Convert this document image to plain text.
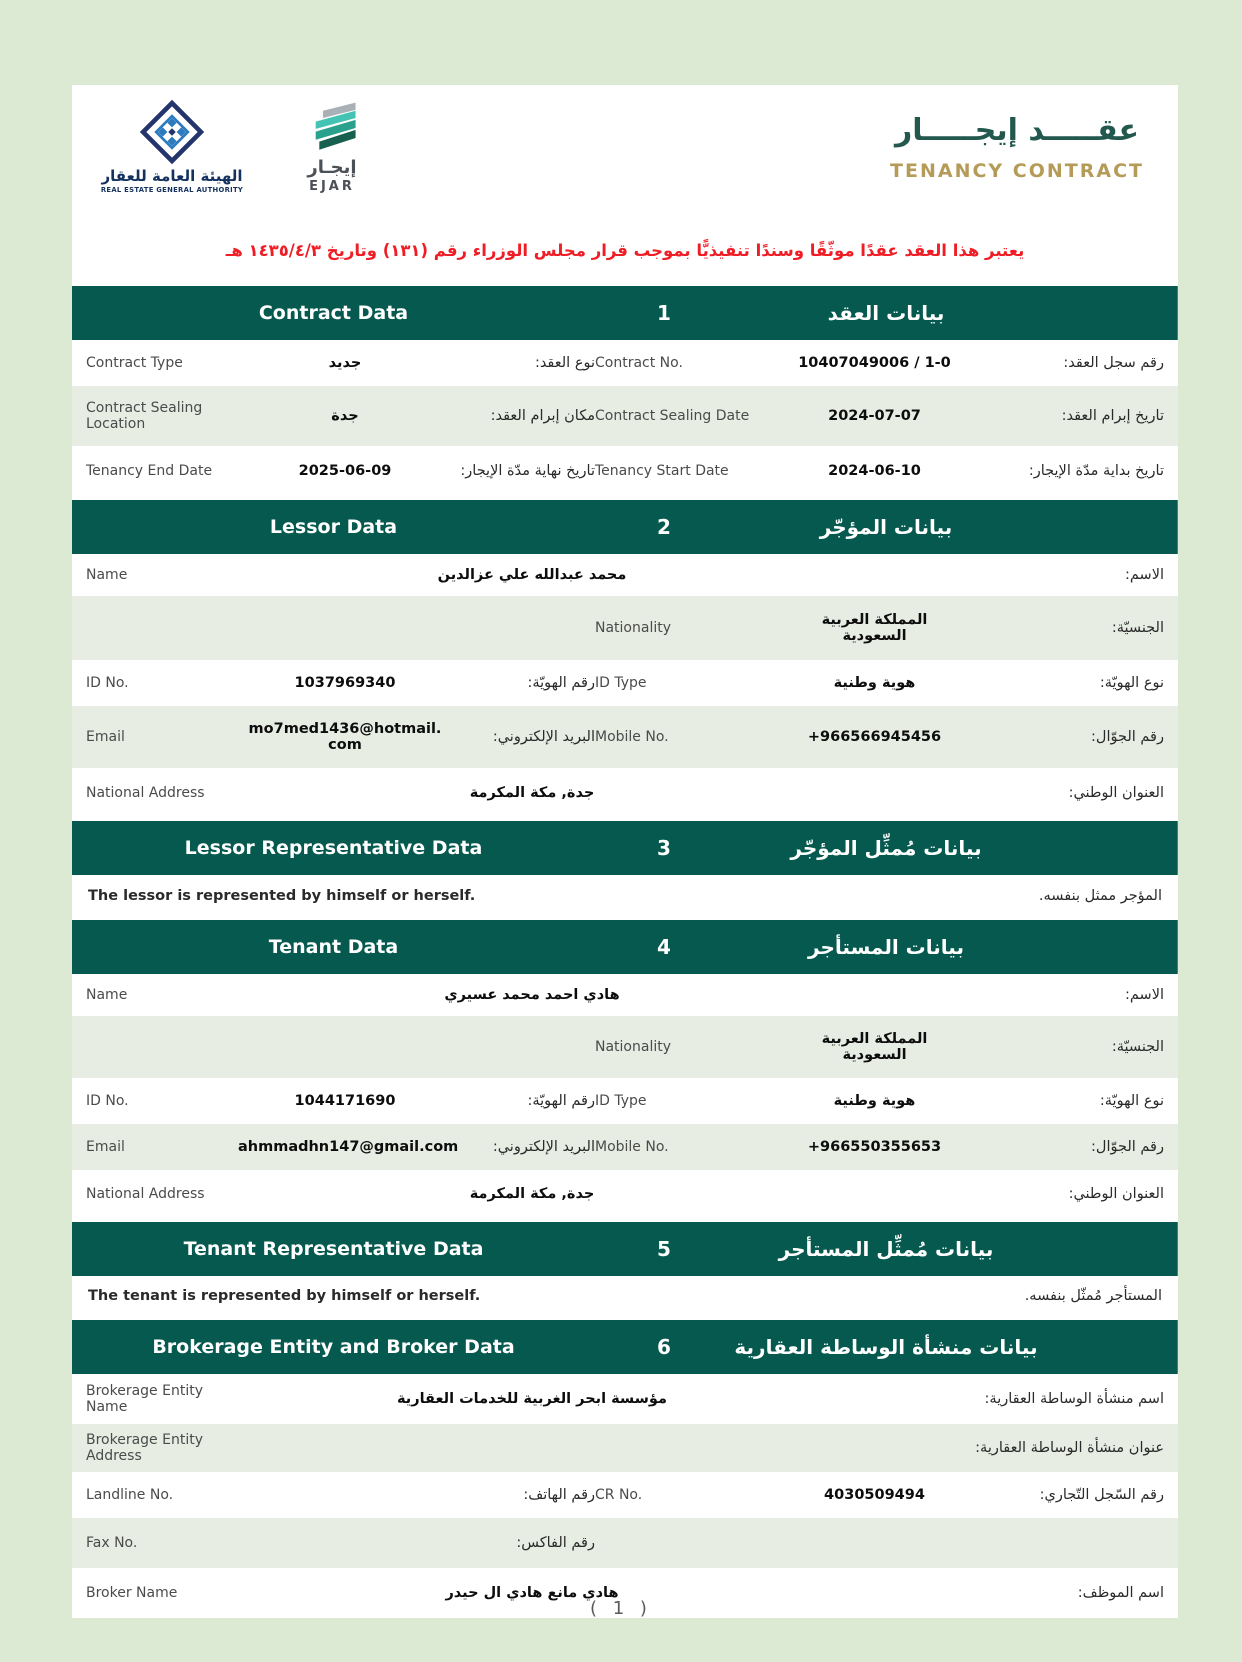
الهيئة العامة للعقار
REAL ESTATE GENERAL AUTHORITY
إيجـار
EJAR
عقـــــد إيجـــــار
TENANCY CONTRACT
يعتبر هذا العقد عقدًا موثّقًا وسندًا تنفيذيًّا بموجب قرار مجلس الوزراء رقم (١٣١) وتاريخ ١٤٣٥/٤/٣ هـ
Contract Data	بيانات العقد
1
Contract Type	جديد	نوع العقد: Contract No.	10407049006 / 1-0	رقم سجل العقد:
Contract Sealing Location	جدة	مكان إبرام العقد: Contract Sealing Date	2024-07-07	تاريخ إبرام العقد:
Tenancy End Date	2025-06-09	تاريخ نهاية مدّة الإيجار: Tenancy Start Date	2024-06-10	تاريخ بداية مدّة الإيجار:
Lessor Data	بيانات المؤجّر
2
Name	محمد عبدالله علي عزالدين	الاسم:
Nationality	المملكة العربية السعودية	الجنسيّة:
ID No.	1037969340	رقم الهويّة: ID Type	هوية وطنية	نوع الهويّة:
Email	mo7med1436@hotmail.com	البريد الإلكتروني: Mobile No.	+966566945456	رقم الجوّال:
National Address	جدة, مكة المكرمة	العنوان الوطني:
Lessor Representative Data	بيانات مُمثِّل المؤجّر
3
The lessor is represented by himself or herself.	المؤجر ممثل بنفسه.
Tenant Data	بيانات المستأجر
4
Name	هادي احمد محمد عسيري	الاسم:
Nationality	المملكة العربية السعودية	الجنسيّة:
ID No.	1044171690	رقم الهويّة: ID Type	هوية وطنية	نوع الهويّة:
Email	ahmmadhn147@gmail.com	البريد الإلكتروني: Mobile No.	+966550355653	رقم الجوّال:
National Address	جدة, مكة المكرمة	العنوان الوطني:
Tenant Representative Data	بيانات مُمثِّل المستأجر
5
The tenant is represented by himself or herself.	المستأجر مُمثّل بنفسه.
Brokerage Entity and Broker Data	بيانات منشأة الوساطة العقارية
6
Brokerage Entity Name	مؤسسة ابحر الغربية للخدمات العقارية	اسم منشأة الوساطة العقارية:
Brokerage Entity Address	عنوان منشأة الوساطة العقارية:
Landline No.	رقم الهاتف: CR No.	4030509494	رقم السّجل التّجاري:
Fax No.	رقم الفاكس:
Broker Name	هادي مانع هادي ال حيدر	اسم الموظف:
( 1 )
